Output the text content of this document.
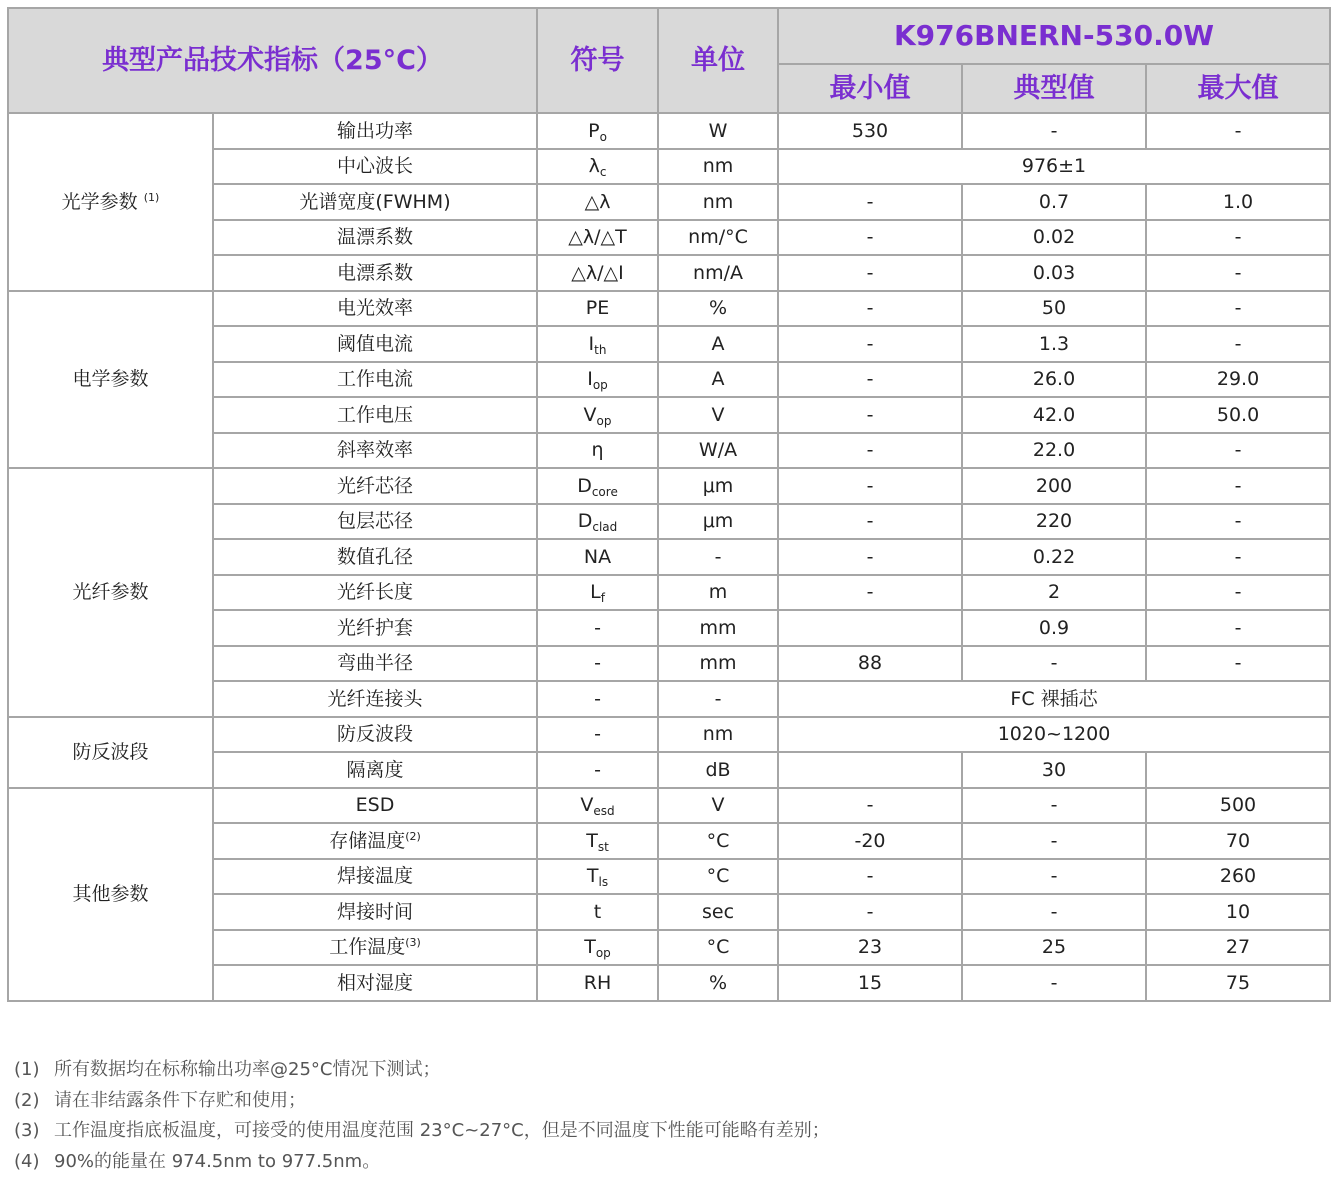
典型产品技术指标（25°C）		符号	单位	K976BNERN-530.0W		
				最小值	典型值	最大值
光学参数 $^{(1)}$	输出功率	$P_o$	W	530	-	-
	中心波长	$\lambda_c$	nm	976±1		
	光谱宽度(FWHM)	△λ	nm	-	0.7	1.0
	温漂系数	△λ/△T	nm/°C	-	0.02	-
	电漂系数	△λ/△I	nm/A	-	0.03	-
电学参数	电光效率	PE	%	-	50	-
	阈值电流	$I_{th}$	A	-	1.3	-
	工作电流	$I_{op}$	A	-	26.0	29.0
	工作电压	$V_{op}$	V	-	42.0	50.0
	斜率效率	η	W/A	-	22.0	-
光纤参数	光纤芯径	$D_{core}$	μm	-	200	-
	包层芯径	$D_{clad}$	μm	-	220	-
	数值孔径	NA	-	-	0.22	-
	光纤长度	$L_f$	m	-	2	-
	光纤护套	-	mm		0.9	-
	弯曲半径	-	mm	88	-	-
	光纤连接头	-	-	FC 裸插芯		
防反波段	防反波段	-	nm	1020~1200		
	隔离度	-	dB		30	
其他参数	ESD	$V_{esd}$	V	-	-	500
	存储温度$^{(2)}$	$T_{st}$	°C	-20	-	70
	焊接温度	$T_{ls}$	°C	-	-	260
	焊接时间	t	sec	-	-	10
	工作温度$^{(3)}$	$T_{op}$	°C	23	25	27
	相对湿度	RH	%	15	-	75
(1) 所有数据均在标称输出功率@25°C情况下测试；
(2) 请在非结露条件下存贮和使用；
(3) 工作温度指底板温度，可接受的使用温度范围 23°C~27°C，但是不同温度下性能可能略有差别；
(4) 90%的能量在 974.5nm to 977.5nm。
